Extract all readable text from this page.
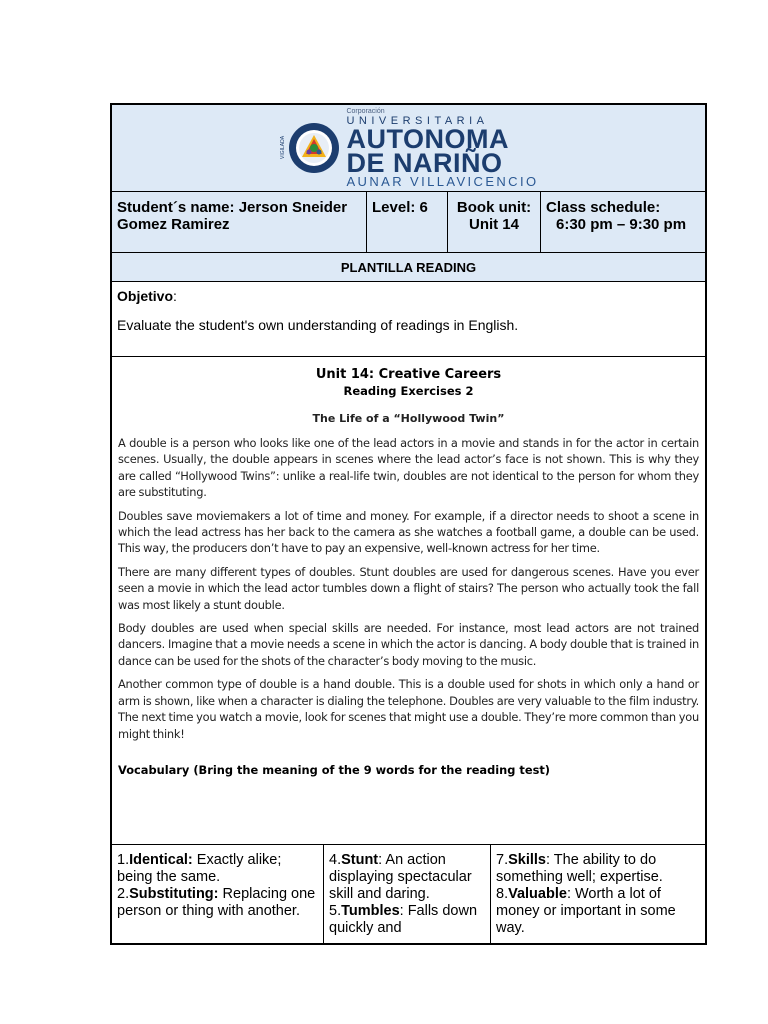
VIGILADA
Corporación
UNIVERSITARIA
AUTONOMA
DE NARIÑO
AUNAR VILLAVICENCIO
Student´s name: Jerson Sneider Gomez Ramirez
Level: 6	Book unit:
Unit 14
Class schedule:
6:30 pm – 9:30 pm
PLANTILLA READING
Objetivo:
Evaluate the student's own understanding of readings in English.
Unit 14: Creative Careers
Reading Exercises 2
The Life of a “Hollywood Twin”

A double is a person who looks like one of the lead actors in a movie and stands in for the actor in certain scenes. Usually, the double appears in scenes where the lead actor’s face is not shown. This is why they are called “Hollywood Twins”: unlike a real-life twin, doubles are not identical to the person for whom they are substituting.

Doubles save moviemakers a lot of time and money. For example, if a director needs to shoot a scene in which the lead actress has her back to the camera as she watches a football game, a double can be used. This way, the producers don’t have to pay an expensive, well-known actress for her time.

There are many different types of doubles. Stunt doubles are used for dangerous scenes. Have you ever seen a movie in which the lead actor tumbles down a flight of stairs? The person who actually took the fall was most likely a stunt double.

Body doubles are used when special skills are needed. For instance, most lead actors are not trained dancers. Imagine that a movie needs a scene in which the actor is dancing. A body double that is trained in dance can be used for the shots of the character’s body moving to the music.

Another common type of double is a hand double. This is a double used for shots in which only a hand or arm is shown, like when a character is dialing the telephone. Doubles are very valuable to the film industry. The next time you watch a movie, look for scenes that might use a double. They’re more common than you might think!

Vocabulary (Bring the meaning of the 9 words for the reading test)
1.Identical: Exactly alike; being the same.
2.Substituting: Replacing one person or thing with another.
4.Stunt: An action displaying spectacular skill and daring.
5.Tumbles: Falls down quickly and
7.Skills: The ability to do something well; expertise.
8.Valuable: Worth a lot of money or important in some way.
